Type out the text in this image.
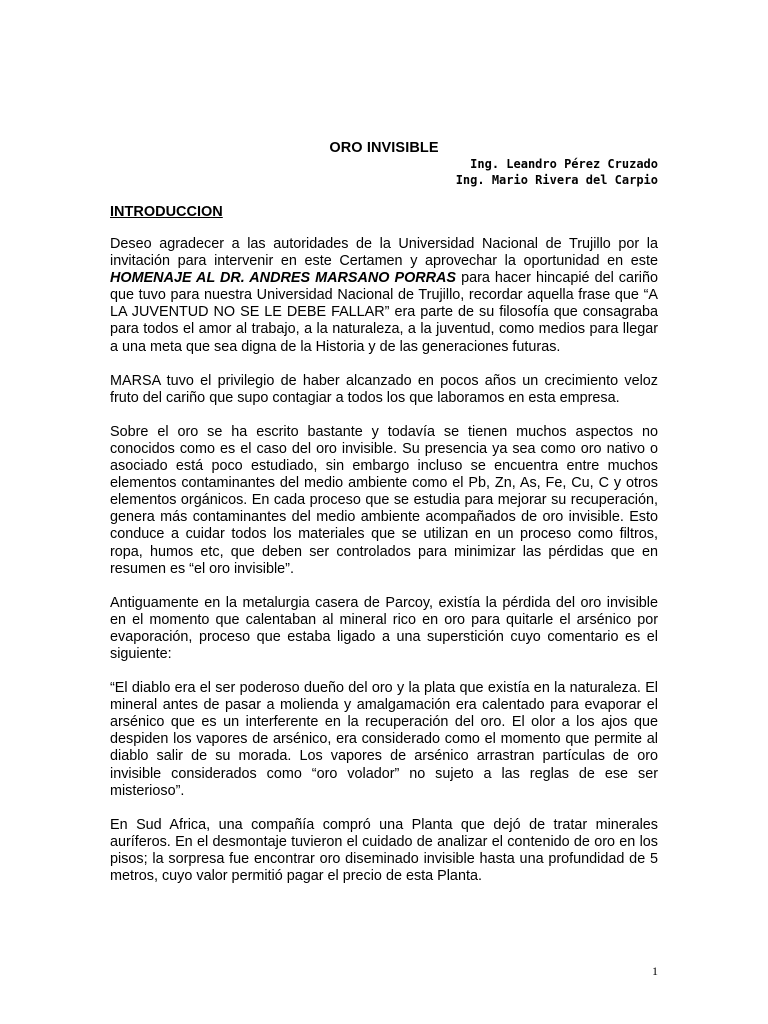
ORO INVISIBLE
Ing. Leandro Pérez Cruzado
Ing. Mario Rivera del Carpio
INTRODUCCION

Deseo agradecer a las autoridades de la Universidad Nacional de Trujillo por la invitación para intervenir en este Certamen y aprovechar la oportunidad en este HOMENAJE AL DR. ANDRES MARSANO PORRAS para hacer hincapié del cariño que tuvo para nuestra Universidad Nacional de Trujillo, recordar aquella frase que “A LA JUVENTUD NO SE LE DEBE FALLAR” era parte de su filosofía que consagraba para todos el amor al trabajo, a la naturaleza, a la juventud, como medios para llegar a una meta que sea digna de la Historia y de las generaciones futuras.

MARSA tuvo el privilegio de haber alcanzado en pocos años un crecimiento veloz fruto del cariño que supo contagiar a todos los que laboramos en esta empresa.

Sobre el oro se ha escrito bastante y todavía se tienen muchos aspectos no conocidos como es el caso del oro invisible. Su presencia ya sea como oro nativo o asociado está poco estudiado, sin embargo incluso se encuentra entre muchos elementos contaminantes del medio ambiente como el Pb, Zn, As, Fe, Cu, C y otros elementos orgánicos. En cada proceso que se estudia para mejorar su recuperación, genera más contaminantes del medio ambiente acompañados de oro invisible. Esto conduce a cuidar todos los materiales que se utilizan en un proceso como filtros, ropa, humos etc, que deben ser controlados para minimizar las pérdidas que en resumen es “el oro invisible”.

Antiguamente en la metalurgia casera de Parcoy, existía la pérdida del oro invisible en el momento que calentaban al mineral rico en oro para quitarle el arsénico por evaporación, proceso que estaba ligado a una superstición cuyo comentario es el siguiente:

“El diablo era el ser poderoso dueño del oro y la plata que existía en la naturaleza. El mineral antes de pasar a molienda y amalgamación era calentado para evaporar el arsénico que es un interferente en la recuperación del oro. El olor a los ajos que despiden los vapores de arsénico, era considerado como el momento que permite al diablo salir de su morada. Los vapores de arsénico arrastran partículas de oro invisible considerados como “oro volador” no sujeto a las reglas de ese ser misterioso”.

En Sud Africa, una compañía compró una Planta que dejó de tratar minerales auríferos. En el desmontaje tuvieron el cuidado de analizar el contenido de oro en los pisos; la sorpresa fue encontrar oro diseminado invisible hasta una profundidad de 5 metros, cuyo valor permitió pagar el precio de esta Planta.

1
